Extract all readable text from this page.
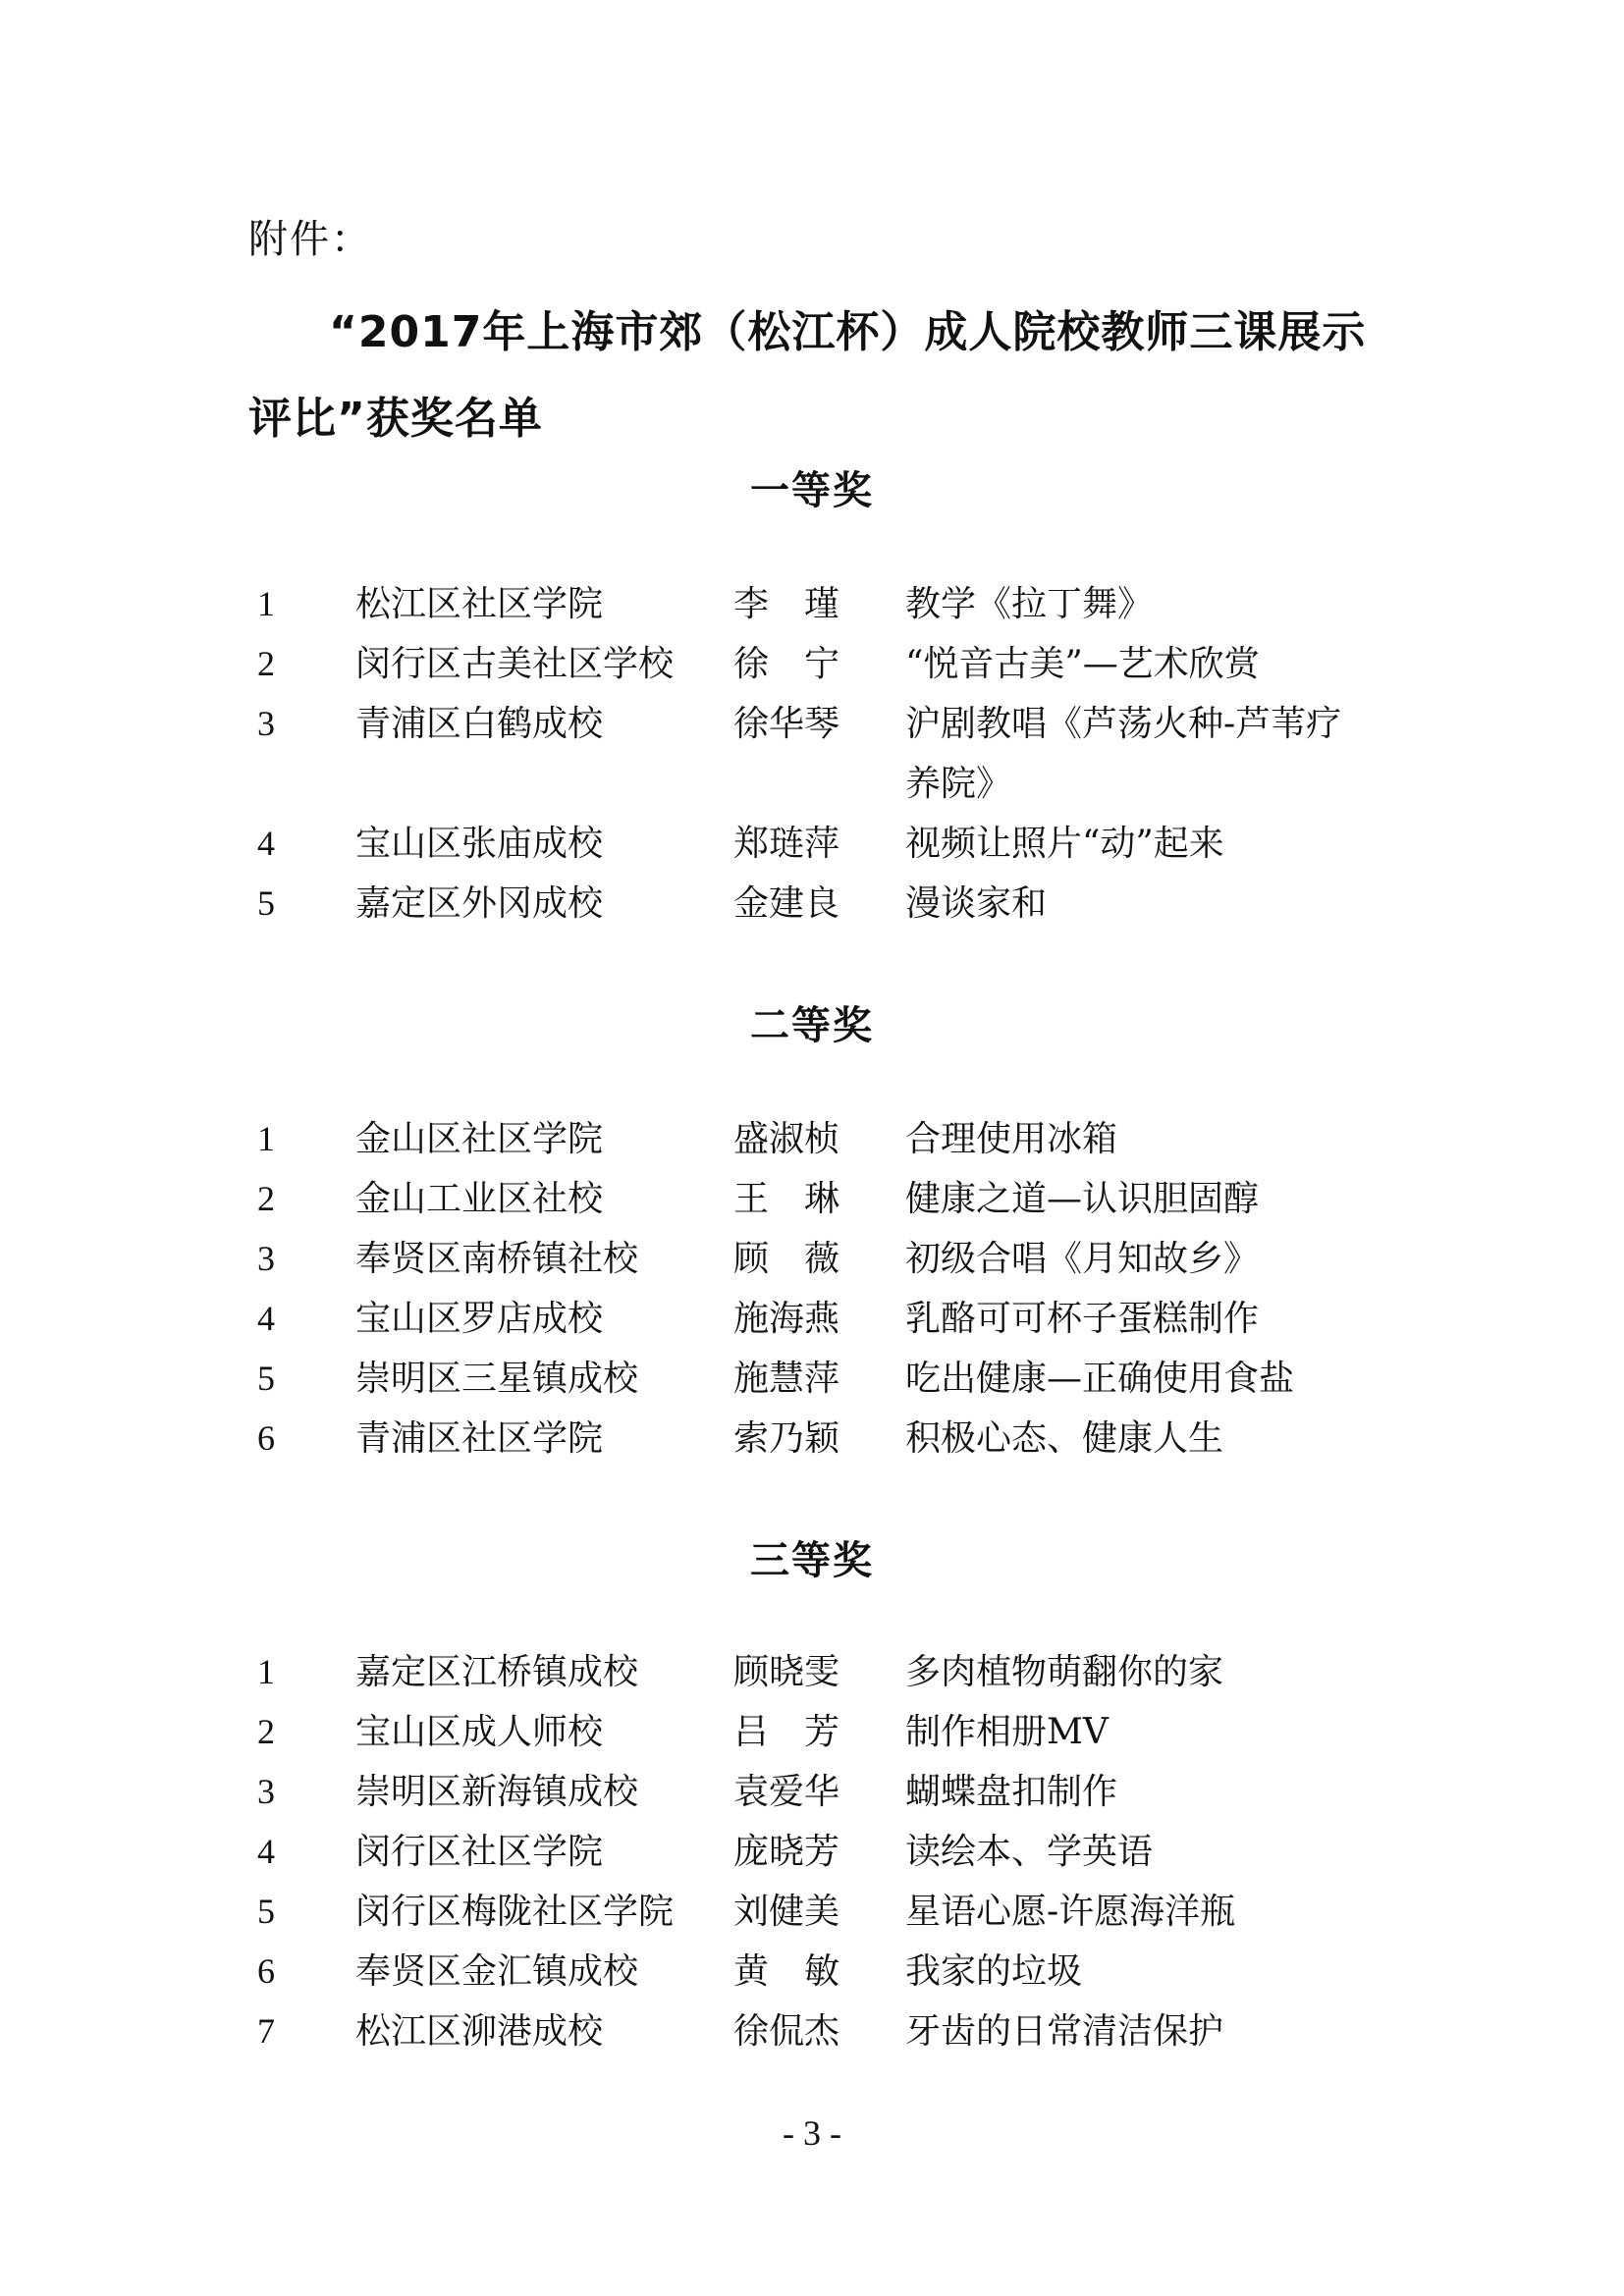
附件：
“2017年上海市郊（松江杯）成人院校教师三课展示评比”获奖名单
一等奖
1	松江区社区学院	李　瑾	教学《拉丁舞》
2	闵行区古美社区学校	徐　宁	“悦音古美”—艺术欣赏
3	青浦区白鹤成校	徐华琴	沪剧教唱《芦荡火种-芦苇疗养院》
4	宝山区张庙成校	郑琏萍	视频让照片“动”起来
5	嘉定区外冈成校	金建良	漫谈家和
二等奖
1	金山区社区学院	盛淑桢	合理使用冰箱
2	金山工业区社校	王　琳	健康之道—认识胆固醇
3	奉贤区南桥镇社校	顾　薇	初级合唱《月知故乡》
4	宝山区罗店成校	施海燕	乳酪可可杯子蛋糕制作
5	崇明区三星镇成校	施慧萍	吃出健康—正确使用食盐
6	青浦区社区学院	索乃颖	积极心态、健康人生
三等奖
1	嘉定区江桥镇成校	顾晓雯	多肉植物萌翻你的家
2	宝山区成人师校	吕　芳	制作相册MV
3	崇明区新海镇成校	袁爱华	蝴蝶盘扣制作
4	闵行区社区学院	庞晓芳	读绘本、学英语
5	闵行区梅陇社区学院	刘健美	星语心愿-许愿海洋瓶
6	奉贤区金汇镇成校	黄　敏	我家的垃圾
7	松江区泖港成校	徐侃杰	牙齿的日常清洁保护
- 3 -
